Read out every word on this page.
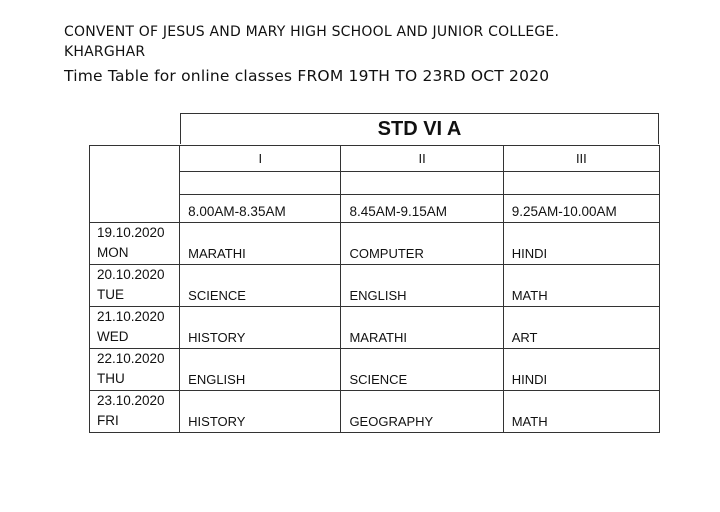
CONVENT OF JESUS AND MARY HIGH SCHOOL AND JUNIOR COLLEGE.
KHARGHAR
Time Table for online classes FROM 19TH TO 23RD OCT 2020
STD VI A
	I	II	III

	8.00AM-8.35AM	8.45AM-9.15AM	9.25AM-10.00AM

19.10.2020
MON	MARATHI	COMPUTER	HINDI

20.10.2020
TUE	SCIENCE	ENGLISH	MATH

21.10.2020
WED	HISTORY	MARATHI	ART

22.10.2020
THU	ENGLISH	SCIENCE	HINDI

23.10.2020
FRI	HISTORY	GEOGRAPHY	MATH
